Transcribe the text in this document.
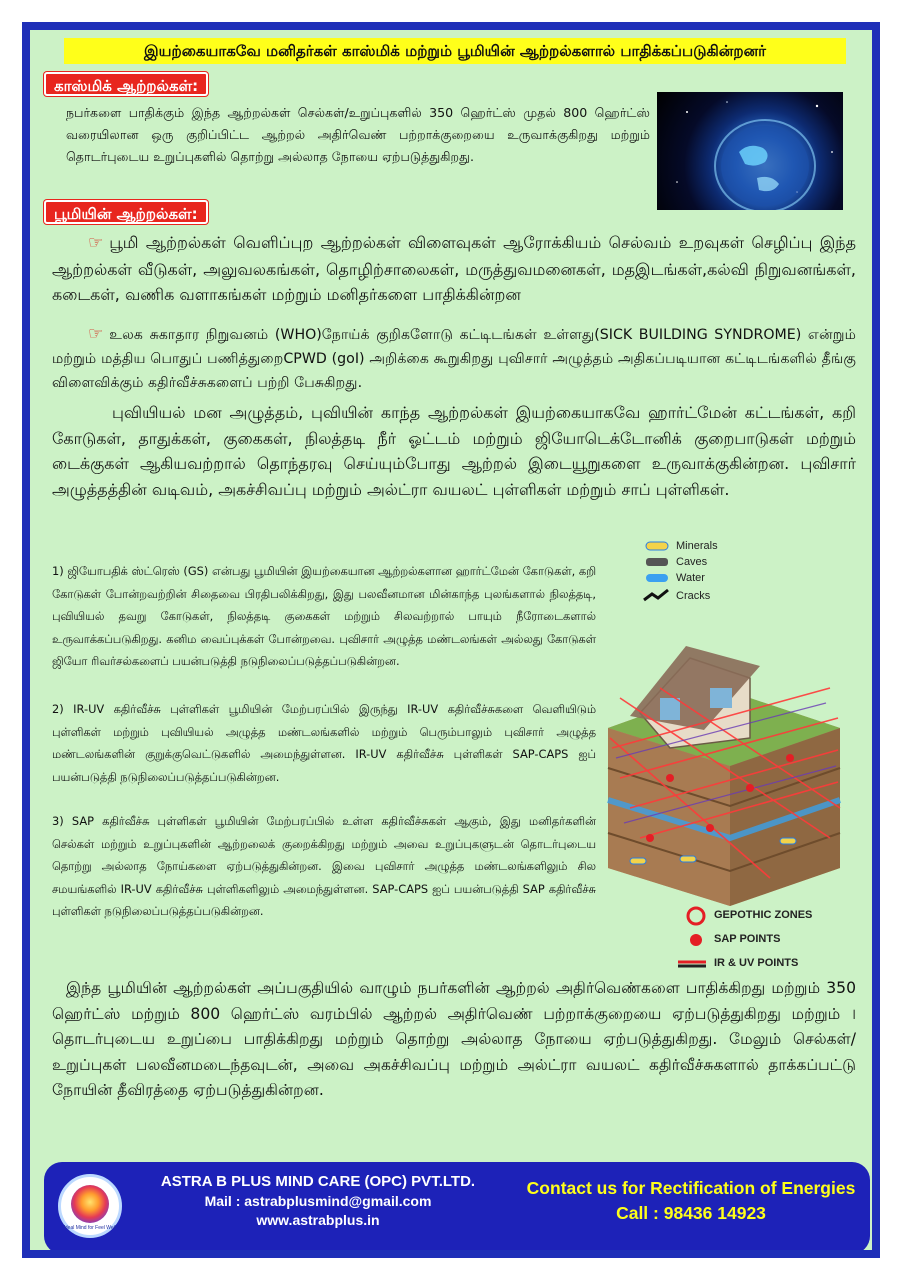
இயற்கையாகவே மனிதர்கள் காஸ்மிக் மற்றும் பூமியின் ஆற்றல்களால் பாதிக்கப்படுகின்றனர்
காஸ்மிக் ஆற்றல்கள்:
நபர்களை பாதிக்கும் இந்த ஆற்றல்கள் செல்கள்/உறுப்புகளில் 350 ஹெர்ட்ஸ் முதல் 800 ஹெர்ட்ஸ் வரையிலான ஒரு குறிப்பிட்ட ஆற்றல் அதிர்வெண் பற்றாக்குறையை உருவாக்குகிறது மற்றும் தொடர்புடைய உறுப்புகளில் தொற்று அல்லாத நோயை ஏற்படுத்துகிறது.
பூமியின் ஆற்றல்கள்:
☞ பூமி ஆற்றல்கள் வெளிப்புற ஆற்றல்கள் விளைவுகள் ஆரோக்கியம் செல்வம் உறவுகள் செழிப்பு இந்த ஆற்றல்கள் வீடுகள், அலுவலகங்கள், தொழிற்சாலைகள், மருத்துவமனைகள், மதஇடங்கள்,கல்வி நிறுவனங்கள், கடைகள், வணிக வளாகங்கள் மற்றும் மனிதர்களை பாதிக்கின்றன
☞ உலக சுகாதார நிறுவனம் (WHO)நோய்க் குறிகளோடு கட்டிடங்கள் உள்ளது(SICK BUILDING SYNDROME) என்றும் மற்றும் மத்திய பொதுப் பணித்துறைCPWD (goI) அறிக்கை கூறுகிறது புவிசார் அழுத்தம் அதிகப்படியான கட்டிடங்களில் தீங்கு விளைவிக்கும் கதிர்வீச்சுகளைப் பற்றி பேசுகிறது.
புவியியல் மன அழுத்தம், புவியின் காந்த ஆற்றல்கள் இயற்கையாகவே ஹார்ட்மேன் கட்டங்கள், கறி கோடுகள், தாதுக்கள், குகைகள், நிலத்தடி நீர் ஓட்டம் மற்றும் ஜியோடெக்டோனிக் குறைபாடுகள் மற்றும் டைக்குகள் ஆகியவற்றால் தொந்தரவு செய்யும்போது ஆற்றல் இடையூறுகளை உருவாக்குகின்றன. புவிசார் அழுத்தத்தின் வடிவம், அகச்சிவப்பு மற்றும் அல்ட்ரா வயலட் புள்ளிகள் மற்றும் சாப் புள்ளிகள்.
1) ஜியோபதிக் ஸ்ட்ரெஸ் (GS) என்பது பூமியின் இயற்கையான ஆற்றல்களான ஹார்ட்மேன் கோடுகள், கறி கோடுகள் போன்றவற்றின் சிதைவை பிரதிபலிக்கிறது, இது பலவீனமான மின்காந்த புலங்களால் நிலத்தடி, புவியியல் தவறு கோடுகள், நிலத்தடி குகைகள் மற்றும் சிலவற்றால் பாயும் நீரோடைகளால் உருவாக்கப்படுகிறது. கனிம வைப்புக்கள் போன்றவை. புவிசார் அழுத்த மண்டலங்கள் அல்லது கோடுகள் ஜியோ ரிவர்சல்களைப் பயன்படுத்தி நடுநிலைப்படுத்தப்படுகின்றன.
2) IR-UV கதிர்வீச்சு புள்ளிகள் பூமியின் மேற்பரப்பில் இருந்து IR-UV கதிர்வீச்சுகளை வெளியிடும் புள்ளிகள் மற்றும் புவியியல் அழுத்த மண்டலங்களில் மற்றும் பெரும்பாலும் புவிசார் அழுத்த மண்டலங்களின் குறுக்குவெட்டுகளில் அமைந்துள்ளன. IR-UV கதிர்வீச்சு புள்ளிகள் SAP-CAPS ஐப் பயன்படுத்தி நடுநிலைப்படுத்தப்படுகின்றன.
3) SAP கதிர்வீச்சு புள்ளிகள் பூமியின் மேற்பரப்பில் உள்ள கதிர்வீச்சுகள் ஆகும், இது மனிதர்களின் செல்கள் மற்றும் உறுப்புகளின் ஆற்றலைக் குறைக்கிறது மற்றும் அவை உறுப்புகளுடன் தொடர்புடைய தொற்று அல்லாத நோய்களை ஏற்படுத்துகின்றன. இவை புவிசார் அழுத்த மண்டலங்களிலும் சில சமயங்களில் IR-UV கதிர்வீச்சு புள்ளிகளிலும் அமைந்துள்ளன. SAP-CAPS ஐப் பயன்படுத்தி SAP கதிர்வீச்சு புள்ளிகள் நடுநிலைப்படுத்தப்படுகின்றன.
Minerals
Caves
Water
Cracks
GEPOTHIC ZONES
SAP POINTS
IR & UV POINTS
இந்த பூமியின் ஆற்றல்கள் அப்பகுதியில் வாழும் நபர்களின் ஆற்றல் அதிர்வெண்களை பாதிக்கிறது மற்றும் 350 ஹெர்ட்ஸ் மற்றும் 800 ஹெர்ட்ஸ் வரம்பில் ஆற்றல் அதிர்வெண் பற்றாக்குறையை ஏற்படுத்துகிறது மற்றும் । தொடர்புடைய உறுப்பை பாதிக்கிறது மற்றும் தொற்று அல்லாத நோயை ஏற்படுத்துகிறது. மேலும் செல்கள்/உறுப்புகள் பலவீனமடைந்தவுடன், அவை அகச்சிவப்பு மற்றும் அல்ட்ரா வயலட் கதிர்வீச்சுகளால் தாக்கப்பட்டு நோயின் தீவிரத்தை ஏற்படுத்துகின்றன.
Heal Mind for Feel Well
ASTRA B PLUS MIND CARE (OPC) PVT.LTD.
Mail : astrabplusmind@gmail.com
www.astrabplus.in
Contact us for Rectification of Energies
Call : 98436 14923
